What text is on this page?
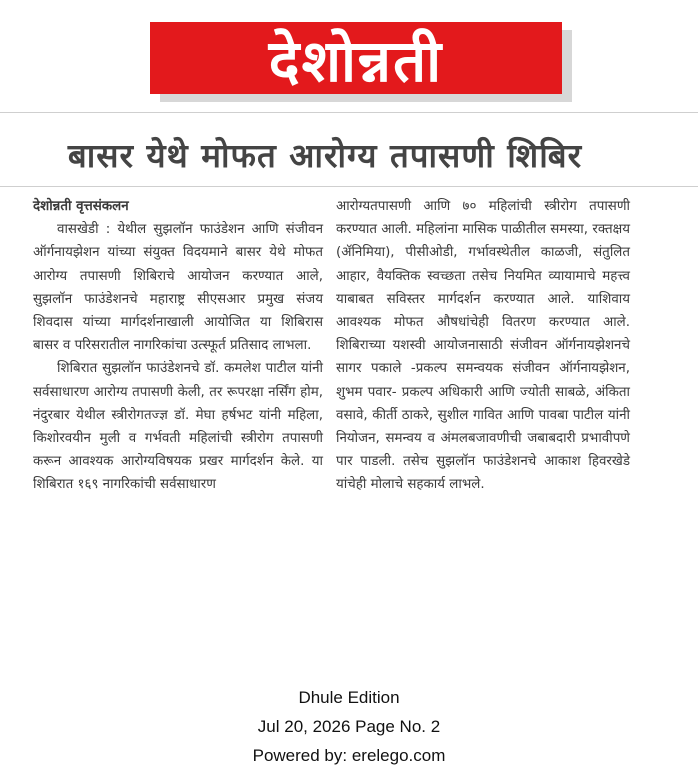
देशोन्नती
बासर येथे मोफत आरोग्य तपासणी शिबिर

देशोन्नती वृत्तसंकलन

वासखेडी : येथील सुझलॉन फाउंडेशन आणि संजीवन ऑर्गनायझेशन यांच्या संयुक्त विदयमाने बासर येथे मोफत आरोग्य तपासणी शिबिराचे आयोजन करण्यात आले, सुझलॉन फाउंडेशनचे महाराष्ट्र सीएसआर प्रमुख संजय शिवदास यांच्या मार्गदर्शनाखाली आयोजित या शिबिरास बासर व परिसरातील नागरिकांचा उत्स्फूर्त प्रतिसाद लाभला.

शिबिरात सुझलॉन फाउंडेशनचे डॉ. कमलेश पाटील यांनी सर्वसाधारण आरोग्य तपासणी केली, तर रूपरक्षा नर्सिंग होम, नंदुरबार येथील स्त्रीरोगतज्ज्ञ डॉ. मेघा हर्षभट यांनी महिला, किशोरवयीन मुली व गर्भवती महिलांची स्त्रीरोग तपासणी करून आवश्यक आरोग्यविषयक प्रखर मार्गदर्शन केले. या शिबिरात १६९ नागरिकांची सर्वसाधारण

आरोग्यतपासणी आणि ७० महिलांची स्त्रीरोग तपासणी करण्यात आली. महिलांना मासिक पाळीतील समस्या, रक्तक्षय (ॲनिमिया), पीसीओडी, गर्भावस्थेतील काळजी, संतुलित आहार, वैयक्तिक स्वच्छता तसेच नियमित व्यायामाचे महत्त्व याबाबत सविस्तर मार्गदर्शन करण्यात आले. याशिवाय आवश्यक मोफत औषधांचेही वितरण करण्यात आले. शिबिराच्या यशस्वी आयोजनासाठी संजीवन ऑर्गनायझेशनचे सागर पकाले -प्रकल्प समन्वयक संजीवन ऑर्गनायझेशन, शुभम पवार- प्रकल्प अधिकारी आणि ज्योती साबळे, अंकिता वसावे, कीर्ती ठाकरे, सुशील गावित आणि पावबा पाटील यांनी नियोजन, समन्वय व अंमलबजावणीची जबाबदारी प्रभावीपणे पार पाडली. तसेच सुझलॉन फाउंडेशनचे आकाश हिवरखेडे यांचेही मोलाचे सहकार्य लाभले.

Dhule Edition
Jul 20, 2026 Page No. 2
Powered by: erelego.com
